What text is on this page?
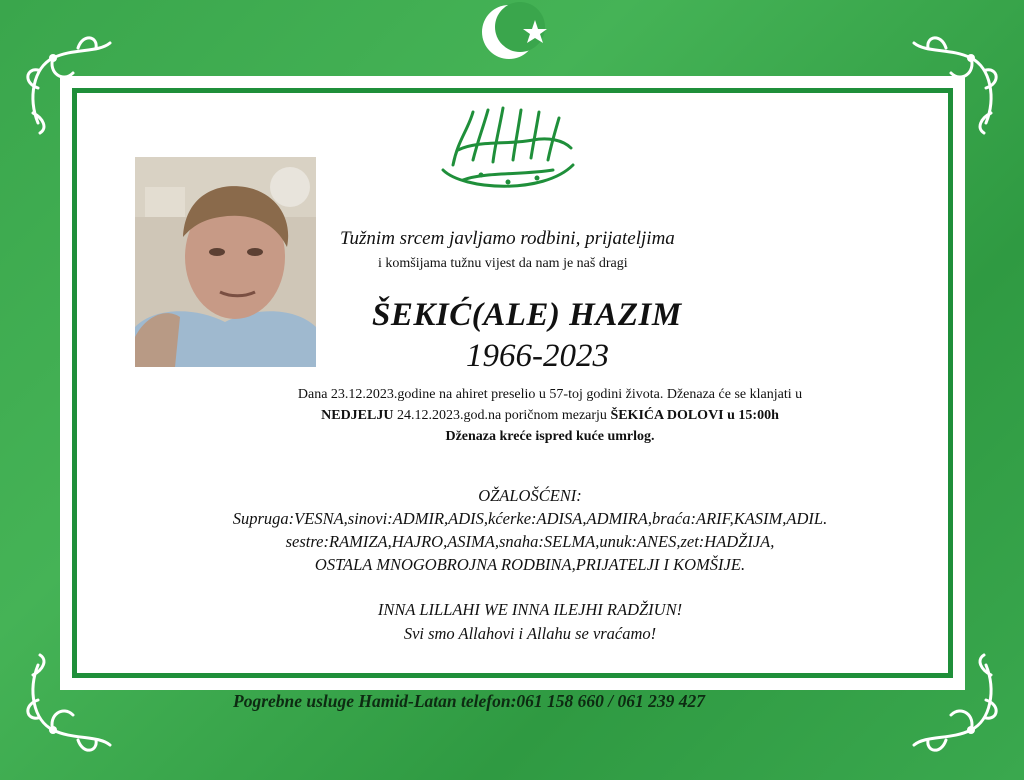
Tužnim srcem javljamo rodbini, prijateljima
i komšijama tužnu vijest da nam je naš dragi
ŠEKIĆ(ALE) HAZIM
1966-2023
Dana 23.12.2023.godine na ahiret preselio u 57-toj godini života. Dženaza će se klanjati u
NEDJELJU 24.12.2023.god.na poričnom mezarju ŠEKIĆA DOLOVI u 15:00h
Dženaza kreće ispred kuće umrlog.
OŽALOŠĆENI:
Supruga:VESNA,sinovi:ADMIR,ADIS,kćerke:ADISA,ADMIRA,braća:ARIF,KASIM,ADIL.
sestre:RAMIZA,HAJRO,ASIMA,snaha:SELMA,unuk:ANES,zet:HADŽIJA,
OSTALA MNOGOBROJNA RODBINA,PRIJATELJI I KOMŠIJE.
INNA LILLAHI WE INNA ILEJHI RADŽIUN!
Svi smo Allahovi i Allahu se vraćamo!
Pogrebne usluge Hamid-Latan telefon:061 158 660 / 061 239 427
